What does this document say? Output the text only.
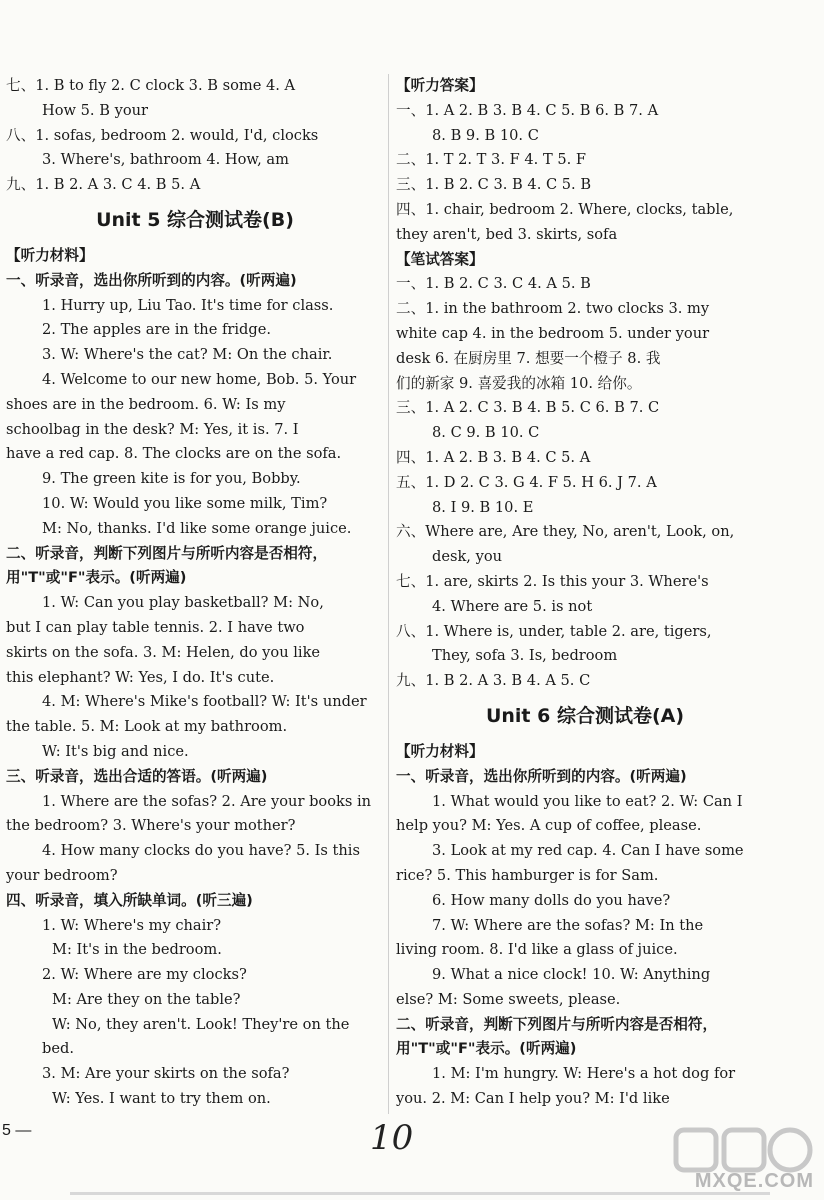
七、1. B to fly 2. C clock 3. B some 4. A
How 5. B your
八、1. sofas, bedroom 2. would, I'd, clocks
3. Where's, bathroom 4. How, am
九、1. B 2. A 3. C 4. B 5. A
Unit 5 综合测试卷(B)
【听力材料】
一、听录音，选出你所听到的内容。(听两遍)
1. Hurry up, Liu Tao. It's time for class.
2. The apples are in the fridge.
3. W: Where's the cat? M: On the chair.
4. Welcome to our new home, Bob. 5. Your
shoes are in the bedroom. 6. W: Is my
schoolbag in the desk? M: Yes, it is. 7. I
have a red cap. 8. The clocks are on the sofa.
9. The green kite is for you, Bobby.
10. W: Would you like some milk, Tim?
M: No, thanks. I'd like some orange juice.
二、听录音，判断下列图片与所听内容是否相符，
用"T"或"F"表示。(听两遍)
1. W: Can you play basketball? M: No,
but I can play table tennis. 2. I have two
skirts on the sofa. 3. M: Helen, do you like
this elephant? W: Yes, I do. It's cute.
4. M: Where's Mike's football? W: It's under
the table. 5. M: Look at my bathroom.
W: It's big and nice.
三、听录音，选出合适的答语。(听两遍)
1. Where are the sofas? 2. Are your books in
the bedroom? 3. Where's your mother?
4. How many clocks do you have? 5. Is this
your bedroom?
四、听录音，填入所缺单词。(听三遍)
1. W: Where's my chair?
M: It's in the bedroom.
2. W: Where are my clocks?
M: Are they on the table?
W: No, they aren't. Look! They're on the
bed.
3. M: Are your skirts on the sofa?
W: Yes. I want to try them on.
【听力答案】
一、1. A 2. B 3. B 4. C 5. B 6. B 7. A
8. B 9. B 10. C
二、1. T 2. T 3. F 4. T 5. F
三、1. B 2. C 3. B 4. C 5. B
四、1. chair, bedroom 2. Where, clocks, table,
they aren't, bed 3. skirts, sofa
【笔试答案】
一、1. B 2. C 3. C 4. A 5. B
二、1. in the bathroom 2. two clocks 3. my
white cap 4. in the bedroom 5. under your
desk 6. 在厨房里 7. 想要一个橙子 8. 我
们的新家 9. 喜爱我的冰箱 10. 给你。
三、1. A 2. C 3. B 4. B 5. C 6. B 7. C
8. C 9. B 10. C
四、1. A 2. B 3. B 4. C 5. A
五、1. D 2. C 3. G 4. F 5. H 6. J 7. A
8. I 9. B 10. E
六、Where are, Are they, No, aren't, Look, on,
desk, you
七、1. are, skirts 2. Is this your 3. Where's
4. Where are 5. is not
八、1. Where is, under, table 2. are, tigers,
They, sofa 3. Is, bedroom
九、1. B 2. A 3. B 4. A 5. C
Unit 6 综合测试卷(A)
【听力材料】
一、听录音，选出你所听到的内容。(听两遍)
1. What would you like to eat? 2. W: Can I
help you? M: Yes. A cup of coffee, please.
3. Look at my red cap. 4. Can I have some
rice? 5. This hamburger is for Sam.
6. How many dolls do you have?
7. W: Where are the sofas? M: In the
living room. 8. I'd like a glass of juice.
9. What a nice clock! 10. W: Anything
else? M: Some sweets, please.
二、听录音，判断下列图片与所听内容是否相符，
用"T"或"F"表示。(听两遍)
1. M: I'm hungry. W: Here's a hot dog for
you. 2. M: Can I help you? M: I'd like
5 —	10
MXQE.COM
